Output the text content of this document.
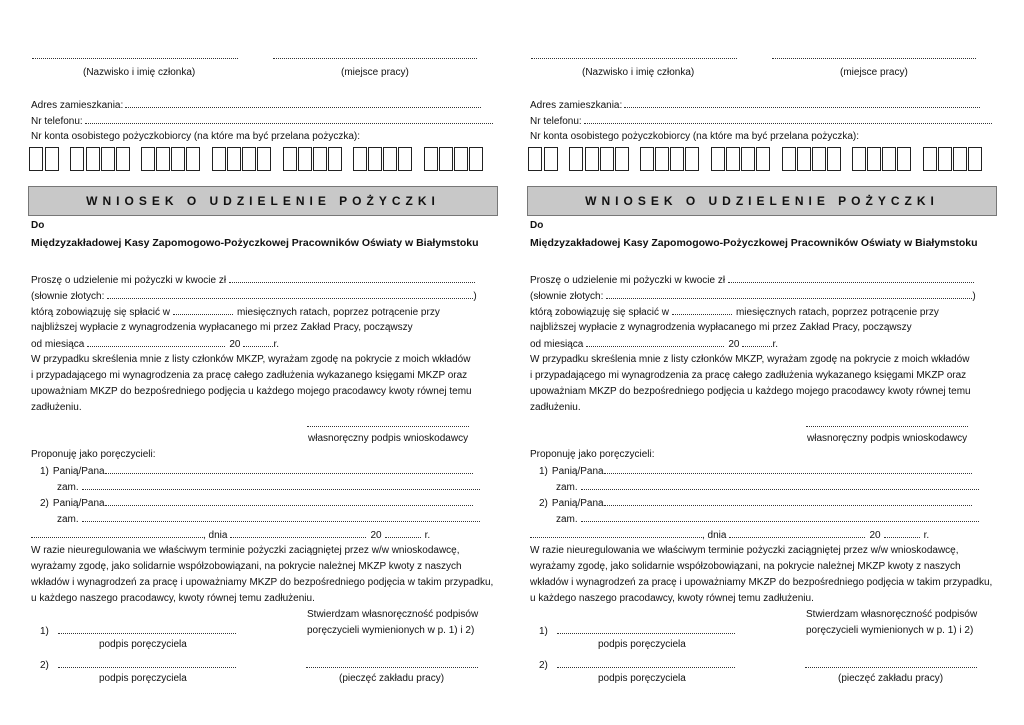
(Nazwisko i imię członka)	(miejsce pracy)
Adres zamieszkania:
Nr telefonu:
Nr konta osobistego pożyczkobiorcy (na które ma być przelana pożyczka):
WNIOSEK O UDZIELENIE POŻYCZKI
Do
Międzyzakładowej Kasy Zapomogowo-Pożyczkowej Pracowników Oświaty w Białymstoku
Proszę o udzielenie mi pożyczki w kwocie zł
(słownie złotych:	)
którą zobowiązuję się spłacić w	miesięcznych ratach, poprzez potrącenie przy
najbliższej wypłacie z wynagrodzenia wypłacanego mi przez Zakład Pracy, począwszy
od miesiąca	20	r.
W przypadku skreślenia mnie z listy członków MKZP, wyrażam zgodę na pokrycie z moich wkładów
i przypadającego mi wynagrodzenia za pracę całego zadłużenia wykazanego księgami MKZP oraz
upoważniam MKZP do bezpośredniego podjęcia u każdego mojego pracodawcy kwoty równej temu
zadłużeniu.
własnoręczny podpis wnioskodawcy
Proponuję jako poręczycieli:
1) Panią/Pana
zam.
2) Panią/Pana
zam.
, dnia	20	r.
W razie nieuregulowania we właściwym terminie pożyczki zaciągniętej przez w/w wnioskodawcę,
wyrażamy zgodę, jako solidarnie współzobowiązani, na pokrycie należnej MKZP kwoty z naszych
wkładów i wynagrodzeń za pracę i upoważniamy MKZP do bezpośredniego podjęcia w takim przypadku,
u każdego naszego pracodawcy, kwoty równej temu zadłużeniu.
Stwierdzam własnoręczność podpisów
1)	poręczycieli wymienionych w p. 1) i 2)
podpis poręczyciela
2)
podpis poręczyciela	(pieczęć zakładu pracy)
(Nazwisko i imię członka)	(miejsce pracy)
Adres zamieszkania:
Nr telefonu:
Nr konta osobistego pożyczkobiorcy (na które ma być przelana pożyczka):
WNIOSEK O UDZIELENIE POŻYCZKI
Do
Międzyzakładowej Kasy Zapomogowo-Pożyczkowej Pracowników Oświaty w Białymstoku
Proszę o udzielenie mi pożyczki w kwocie zł
(słownie złotych:	)
którą zobowiązuję się spłacić w	miesięcznych ratach, poprzez potrącenie przy
najbliższej wypłacie z wynagrodzenia wypłacanego mi przez Zakład Pracy, począwszy
od miesiąca	20	r.
W przypadku skreślenia mnie z listy członków MKZP, wyrażam zgodę na pokrycie z moich wkładów
i przypadającego mi wynagrodzenia za pracę całego zadłużenia wykazanego księgami MKZP oraz
upoważniam MKZP do bezpośredniego podjęcia u każdego mojego pracodawcy kwoty równej temu
zadłużeniu.
własnoręczny podpis wnioskodawcy
Proponuję jako poręczycieli:
1) Panią/Pana
zam.
2) Panią/Pana
zam.
, dnia	20	r.
W razie nieuregulowania we właściwym terminie pożyczki zaciągniętej przez w/w wnioskodawcę,
wyrażamy zgodę, jako solidarnie współzobowiązani, na pokrycie należnej MKZP kwoty z naszych
wkładów i wynagrodzeń za pracę i upoważniamy MKZP do bezpośredniego podjęcia w takim przypadku,
u każdego naszego pracodawcy, kwoty równej temu zadłużeniu.
Stwierdzam własnoręczność podpisów
1)	poręczycieli wymienionych w p. 1) i 2)
podpis poręczyciela
2)
podpis poręczyciela	(pieczęć zakładu pracy)
